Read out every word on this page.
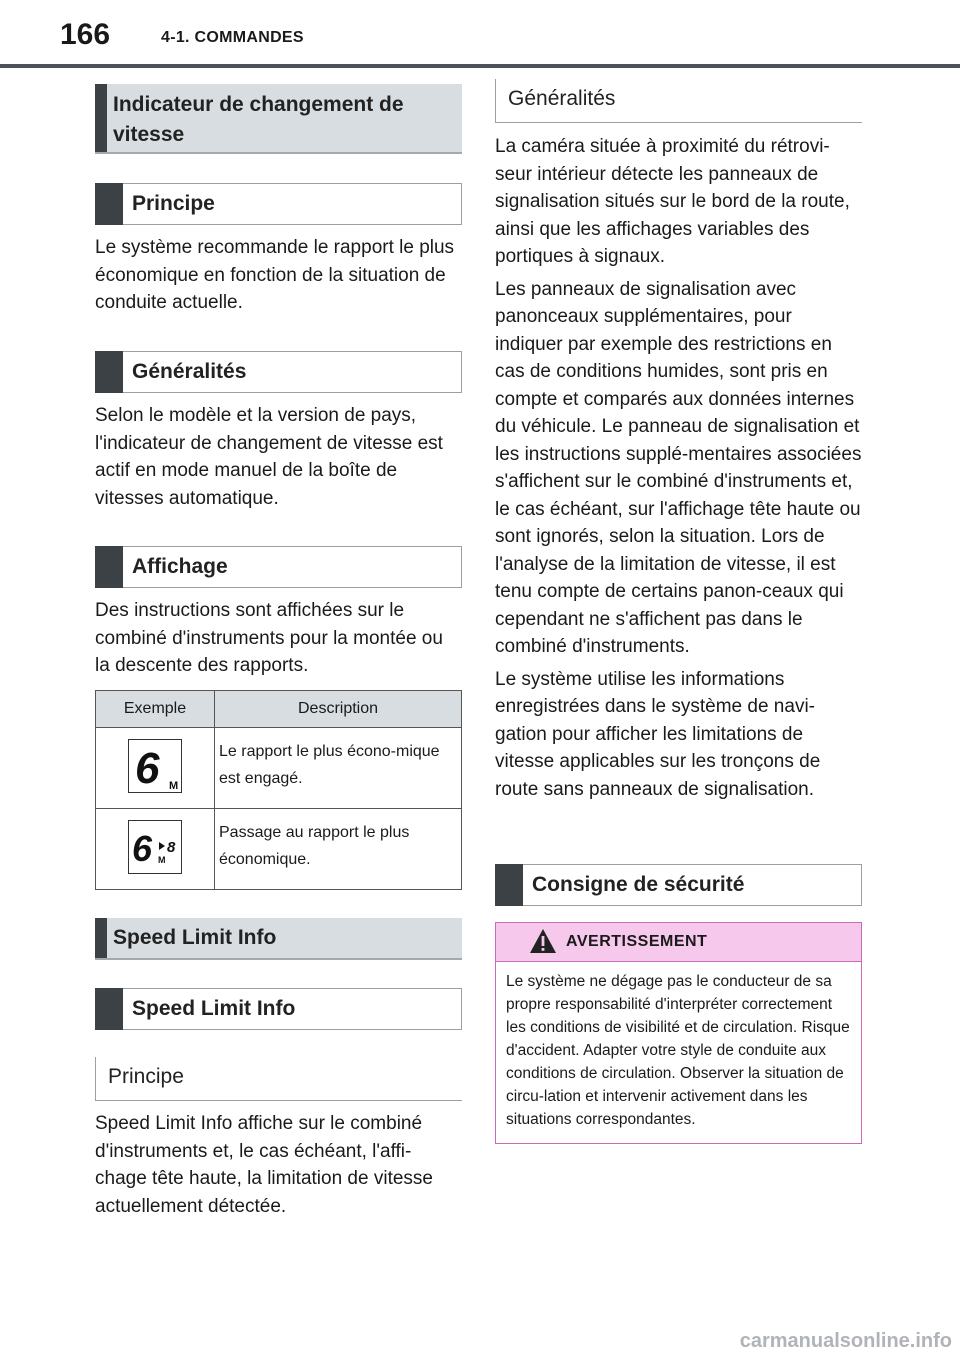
166	4-1. COMMANDES
Indicateur de changement de vitesse
Principe

Le système recommande le rapport le plus économique en fonction de la situation de conduite actuelle.

Généralités

Selon le modèle et la version de pays, l'indicateur de changement de vitesse est actif en mode manuel de la boîte de vitesses automatique.

Affichage

Des instructions sont affichées sur le combiné d'instruments pour la montée ou la descente des rapports.

Exemple	Description

6 M	Le rapport le plus écono-mique est engagé.

6 M
8	Passage au rapport le plus économique.
Speed Limit Info
Speed Limit Info
Principe

Speed Limit Info affiche sur le combiné d'instruments et, le cas échéant, l'affi-chage tête haute, la limitation de vitesse actuellement détectée.

Généralités

La caméra située à proximité du rétrovi-seur intérieur détecte les panneaux de signalisation situés sur le bord de la route, ainsi que les affichages variables des portiques à signaux.

Les panneaux de signalisation avec panonceaux supplémentaires, pour indiquer par exemple des restrictions en cas de conditions humides, sont pris en compte et comparés aux données internes du véhicule. Le panneau de signalisation et les instructions supplé-mentaires associées s'affichent sur le combiné d'instruments et, le cas échéant, sur l'affichage tête haute ou sont ignorés, selon la situation. Lors de l'analyse de la limitation de vitesse, il est tenu compte de certains panon-ceaux qui cependant ne s'affichent pas dans le combiné d'instruments.

Le système utilise les informations enregistrées dans le système de navi-gation pour afficher les limitations de vitesse applicables sur les tronçons de route sans panneaux de signalisation.

Consigne de sécurité
AVERTISSEMENT
Le système ne dégage pas le conducteur de sa propre responsabilité d'interpréter correctement les conditions de visibilité et de circulation. Risque d'accident. Adapter votre style de conduite aux conditions de circulation. Observer la situation de circu-lation et intervenir activement dans les situations correspondantes.
carmanualsonline.info
